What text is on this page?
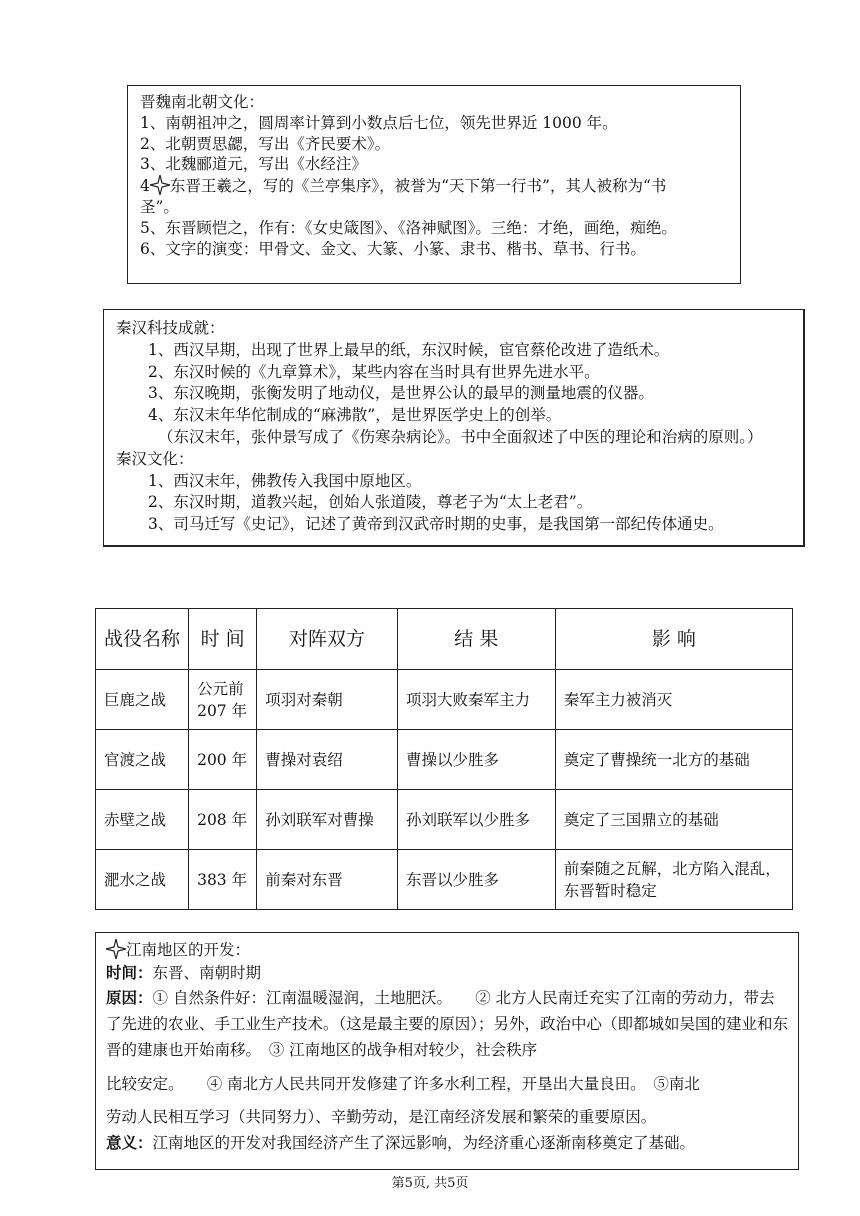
晋魏南北朝文化：
1、南朝祖冲之，圆周率计算到小数点后七位，领先世界近 1000 年。
2、北朝贾思勰，写出《齐民要术》。
3、北魏郦道元，写出《水经注》
4 东晋王羲之，写的《兰亭集序》，被誉为“天下第一行书”，其人被称为“书
圣”。
5、东晋顾恺之，作有：《女史箴图》、《洛神赋图》。三绝：才绝，画绝，痴绝。
6、文字的演变：甲骨文、金文、大篆、小篆、隶书、楷书、草书、行书。
秦汉科技成就：
1、西汉早期，出现了世界上最早的纸，东汉时候，宦官蔡伦改进了造纸术。
2、东汉时候的《九章算术》，某些内容在当时具有世界先进水平。
3、东汉晚期，张衡发明了地动仪，是世界公认的最早的测量地震的仪器。
4、东汉末年华佗制成的“麻沸散”，是世界医学史上的创举。
（东汉末年，张仲景写成了《伤寒杂病论》。书中全面叙述了中医的理论和治病的原则。）
秦汉文化：
1、西汉末年，佛教传入我国中原地区。
2、东汉时期，道教兴起，创始人张道陵，尊老子为“太上老君”。
3、司马迁写《史记》，记述了黄帝到汉武帝时期的史事，是我国第一部纪传体通史。
战役名称	时 间	对阵双方	结 果	影 响
巨鹿之战	公元前 207 年	项羽对秦朝	项羽大败秦军主力	秦军主力被消灭
官渡之战	200 年	曹操对袁绍	曹操以少胜多	奠定了曹操统一北方的基础
赤壁之战	208 年	孙刘联军对曹操	孙刘联军以少胜多	奠定了三国鼎立的基础
淝水之战	383 年	前秦对东晋	东晋以少胜多	前秦随之瓦解，北方陷入混乱，东晋暂时稳定
江南地区的开发：
时间：东晋、南朝时期
原因：① 自然条件好：江南温暖湿润，土地肥沃。　　② 北方人民南迁充实了江南的劳动力，带去了先进的农业、手工业生产技术。（这是最主要的原因）；另外，政治中心（即都城如吴国的建业和东晋的建康也开始南移。　③ 江南地区的战争相对较少，社会秩序
比较安定。　　④ 南北方人民共同开发修建了许多水利工程，开垦出大量良田。　⑤南北
劳动人民相互学习（共同努力）、辛勤劳动，是江南经济发展和繁荣的重要原因。
意义：江南地区的开发对我国经济产生了深远影响，为经济重心逐渐南移奠定了基础。
第5页, 共5页
